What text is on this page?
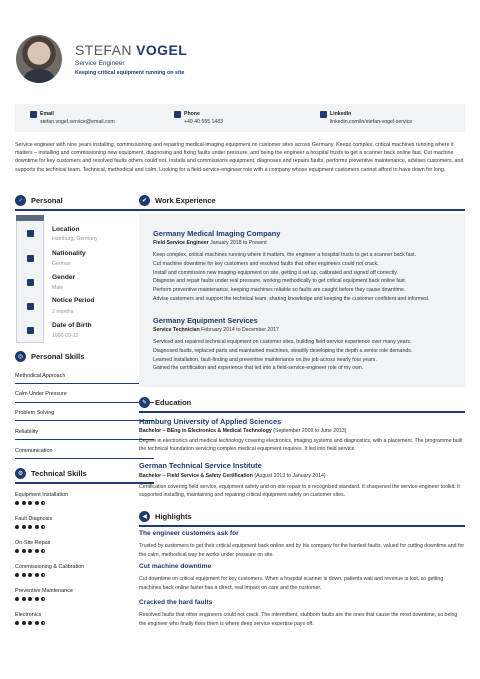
STEFAN VOGEL
Service Engineer
Keeping critical equipment running on site
Email
stefan.vogel.service@email.com
Phone
+49 40 555 1483
LinkedIn
linkedin.com/in/stefan-vogel-service
Service engineer with nine years installing, commissioning and repairing medical-imaging equipment on customer sites across Germany. Keeps complex, critical machines running where it matters – installing and commissioning new equipment, diagnosing and fixing faults under pressure, and being the engineer a hospital trusts to get a scanner back online fast. Cut machine downtime for key customers and resolved faults others could not. Installs and commissions equipment, diagnoses and repairs faults, performs preventive maintenance, advises customers, and supports the technical team. Technical, methodical and calm. Looking for a field-service-engineer role with a company whose equipment customers cannot afford to have down for long.
♂	Personal
Location
Hamburg, Germany
Nationality
German
Gender
Male
Notice Period
2 months
Date of Birth
1990-09-12
◎	Personal Skills
Methodical Approach
Calm Under Pressure
Problem Solving
Reliability
Communication
⚙	Technical Skills
Equipment Installation
Fault Diagnosis
On-Site Repair
Commissioning & Calibration
Preventive Maintenance
Electronics
✔	Work Experience
Germany Medical Imaging Company
Field Service Engineer January 2018 to Present
Keep complex, critical machines running where it matters, the engineer a hospital trusts to get a scanner back fast.
Cut machine downtime for key customers and resolved faults that other engineers could not crack.
Install and commission new imaging equipment on site, getting it set up, calibrated and signed off correctly.
Diagnose and repair faults under real pressure, working methodically to get critical equipment back online fast.
Perform preventive maintenance, keeping machines reliable so faults are caught before they cause downtime.
Advise customers and support the technical team, sharing knowledge and keeping the customer confident and informed.
Germany Equipment Services
Service Technician February 2014 to December 2017
Serviced and repaired technical equipment on customer sites, building field-service experience over many years.
Diagnosed faults, replaced parts and maintained machines, steadily developing the depth a senior role demands.
Learned installation, fault-finding and preventive maintenance on the job across nearly four years.
Gained the certification and experience that led into a field-service-engineer role of my own.
✎	Education
Hamburg University of Applied Sciences
Bachelor – BEng in Electronics & Medical Technology (September 2009 to June 2013)
Degree in electronics and medical technology covering electronics, imaging systems and diagnostics, with a placement. The programme built the technical foundation servicing complex medical equipment requires. It led into field service.
German Technical Service Institute
Bachelor – Field Service & Safety Certification (August 2013 to January 2014)
Certification covering field service, equipment safety and on-site repair to a recognised standard. It sharpened the service-engineer toolkit. It supported installing, maintaining and repairing critical equipment safely on customer sites.
◀	Highlights
The engineer customers ask for
Trusted by customers to get their critical equipment back online and by his company for the hardest faults, valued for cutting downtime and for the calm, methodical way he works under pressure on site.
Cut machine downtime
Cut downtime on critical equipment for key customers. When a hospital scanner is down, patients wait and revenue is lost, so getting machines back online faster has a direct, real impact on care and the customer.
Cracked the hard faults
Resolved faults that other engineers could not crack. The intermittent, stubborn faults are the ones that cause the most downtime, so being the engineer who finally fixes them is where deep service expertise pays off.
